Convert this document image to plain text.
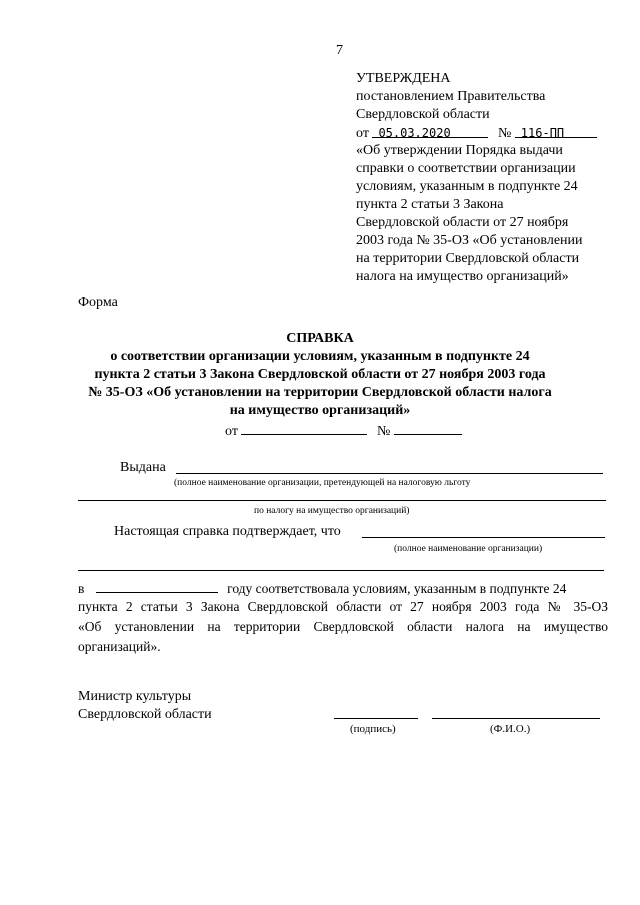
7
УТВЕРЖДЕНА
постановлением Правительства
Свердловской области
от 05.03.2020	№ 116-ПП
«Об утверждении Порядка выдачи
справки о соответствии организации
условиям, указанным в подпункте 24
пункта 2 статьи 3 Закона
Свердловской области от 27 ноября
2003 года № 35-ОЗ «Об установлении
на территории Свердловской области
налога на имущество организаций»
Форма
СПРАВКА
о соответствии организации условиям, указанным в подпункте 24
пункта 2 статьи 3 Закона Свердловской области от 27 ноября 2003 года
№ 35-ОЗ «Об установлении на территории Свердловской области налога
на имущество организаций»
от	№
Выдана
(полное наименование организации, претендующей на налоговую льготу
по налогу на имущество организаций)
Настоящая справка подтверждает, что
(полное наименование организации)
в	году соответствовала условиям, указанным в подпункте 24
пункта 2 статьи 3 Закона Свердловской области от 27 ноября 2003 года № 35-ОЗ
«Об установлении на территории Свердловской области налога на имущество
организаций».
Министр культуры
Свердловской области
(подпись)	(Ф.И.О.)
